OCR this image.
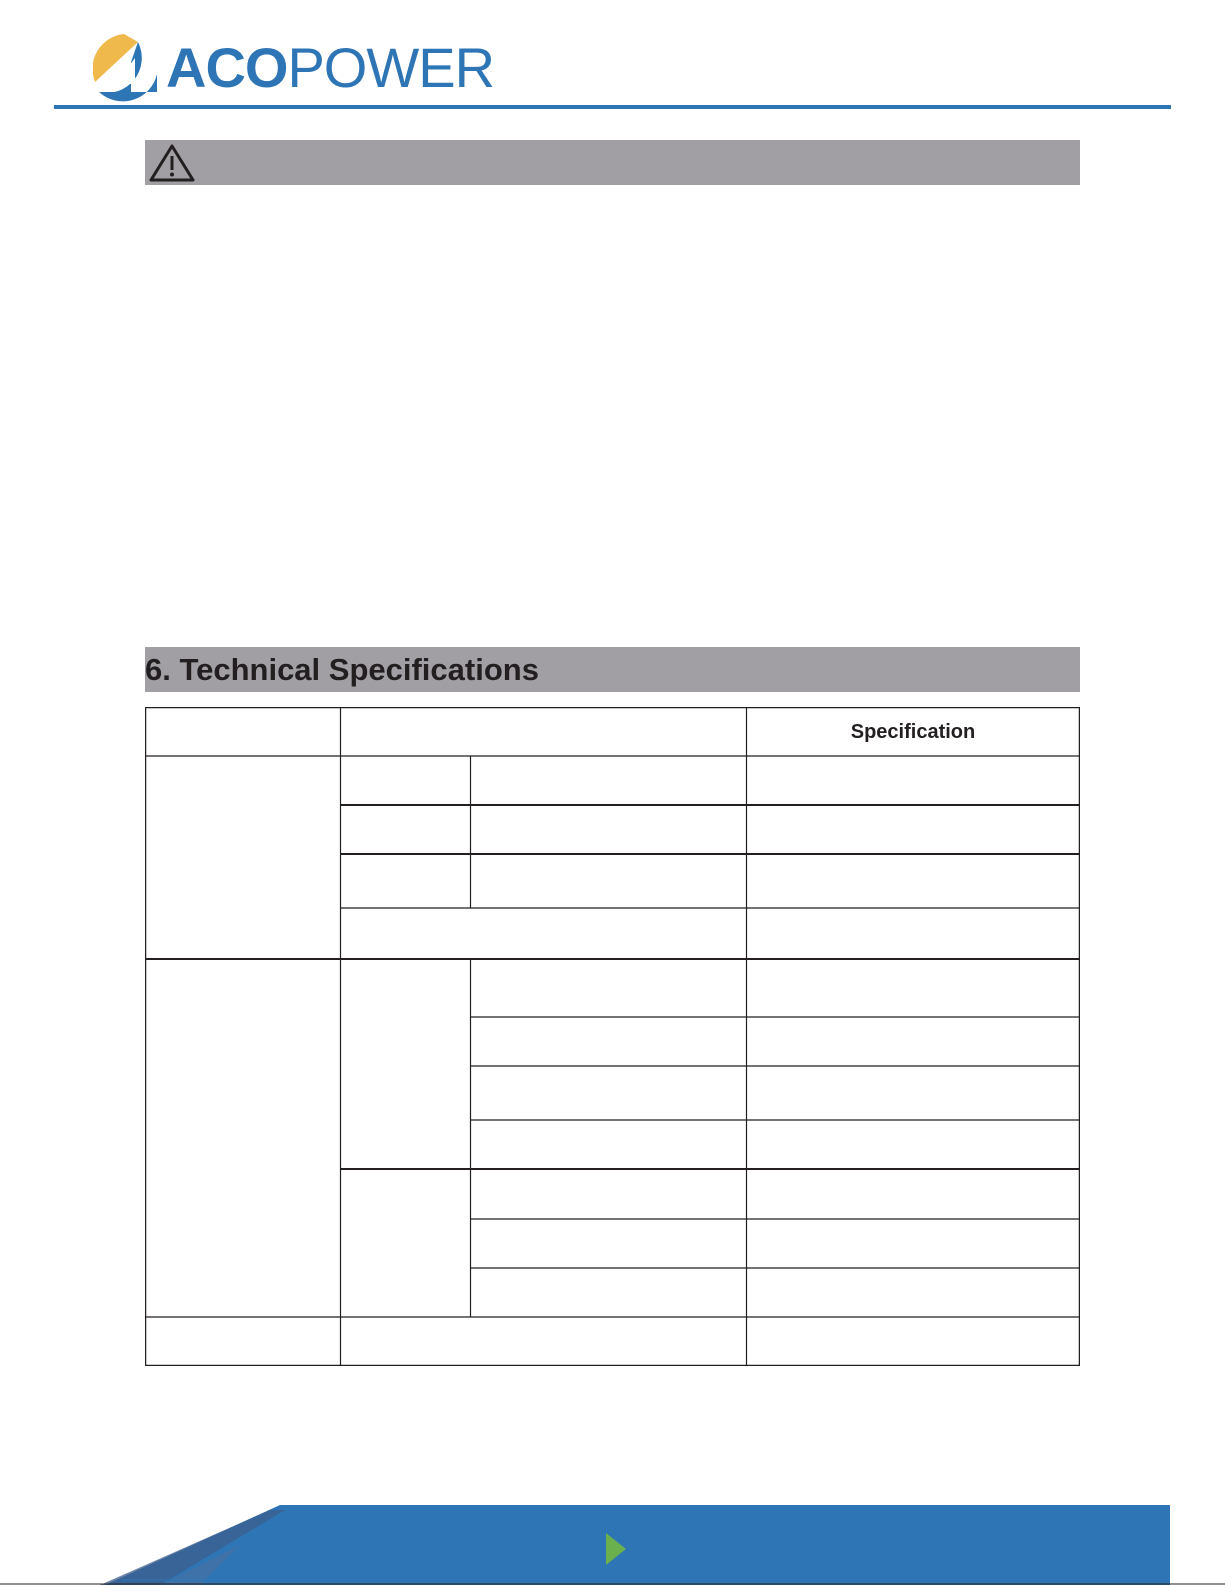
ACOPOWER
6. Technical Specifications
Specification
